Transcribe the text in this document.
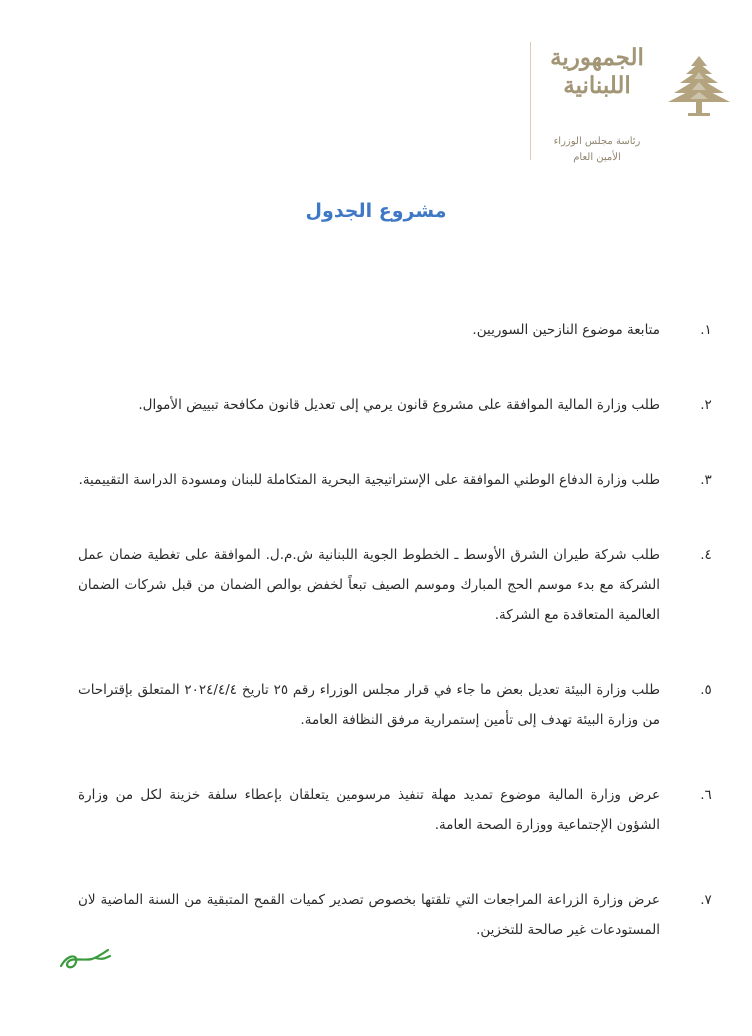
الجمهورية اللبنانية
رئاسة مجلس الوزراء
الأمين العام
مشروع الجدول
١.
متابعة موضوع النازحين السوريين.
٢.
طلب وزارة المالية الموافقة على مشروع قانون يرمي إلى تعديل قانون مكافحة تبييض الأموال.
٣.
طلب وزارة الدفاع الوطني الموافقة على الإستراتيجية البحرية المتكاملة للبنان ومسودة الدراسة التقييمية.
٤.
طلب شركة طيران الشرق الأوسط ـ الخطوط الجوية اللبنانية ش.م.ل. الموافقة على تغطية ضمان عمل الشركة مع بدء موسم الحج المبارك وموسم الصيف تبعاً لخفض بوالص الضمان من قبل شركات الضمان العالمية المتعاقدة مع الشركة.
٥.
طلب وزارة البيئة تعديل بعض ما جاء في قرار مجلس الوزراء رقم ٢٥ تاريخ ٢٠٢٤/٤/٤ المتعلق بإقتراحات من وزارة البيئة تهدف إلى تأمين إستمرارية مرفق النظافة العامة.
٦.
عرض وزارة المالية موضوع تمديد مهلة تنفيذ مرسومين يتعلقان بإعطاء سلفة خزينة لكل من وزارة الشؤون الإجتماعية ووزارة الصحة العامة.
٧.
عرض وزارة الزراعة المراجعات التي تلقتها بخصوص تصدير كميات القمح المتبقية من السنة الماضية لان المستودعات غير صالحة للتخزين.
